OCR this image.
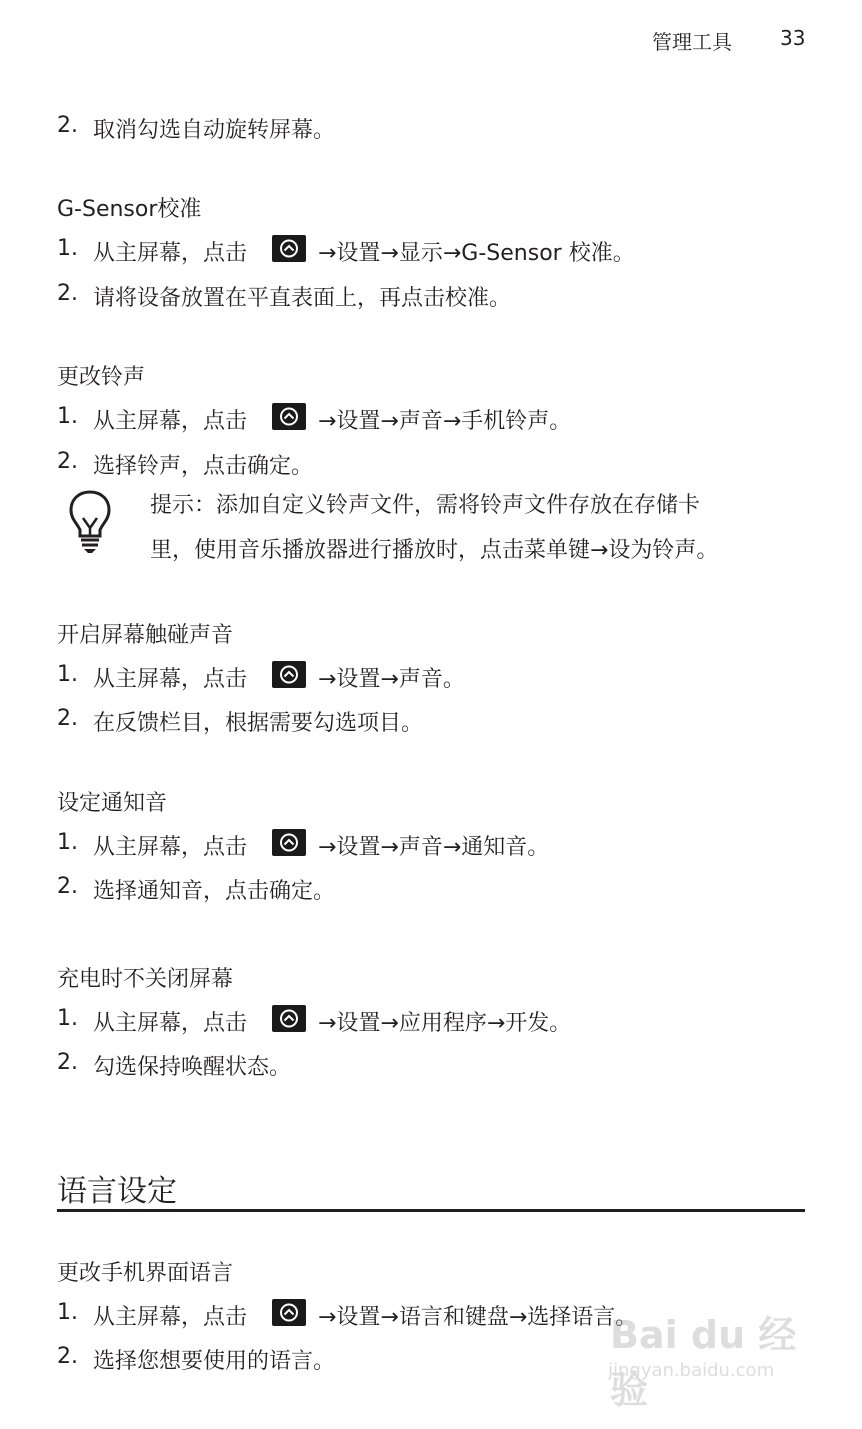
管理工具 33
2. 取消勾选自动旋转屏幕。
G-Sensor校准
1. 从主屏幕，点击	→设置→显示→G-Sensor 校准。
2. 请将设备放置在平直表面上，再点击校准。
更改铃声
1. 从主屏幕，点击	→设置→声音→手机铃声。
2. 选择铃声，点击确定。
提示：添加自定义铃声文件，需将铃声文件存放在存储卡
里，使用音乐播放器进行播放时，点击菜单键→设为铃声。
开启屏幕触碰声音
1. 从主屏幕，点击	→设置→声音。
2. 在反馈栏目，根据需要勾选项目。
设定通知音
1. 从主屏幕，点击	→设置→声音→通知音。
2. 选择通知音，点击确定。
充电时不关闭屏幕
1. 从主屏幕，点击	→设置→应用程序→开发。
2. 勾选保持唤醒状态。
语言设定
更改手机界面语言
1. 从主屏幕，点击	→设置→语言和键盘→选择语言。
2. 选择您想要使用的语言。
Bai du 经验
jingyan.baidu.com
